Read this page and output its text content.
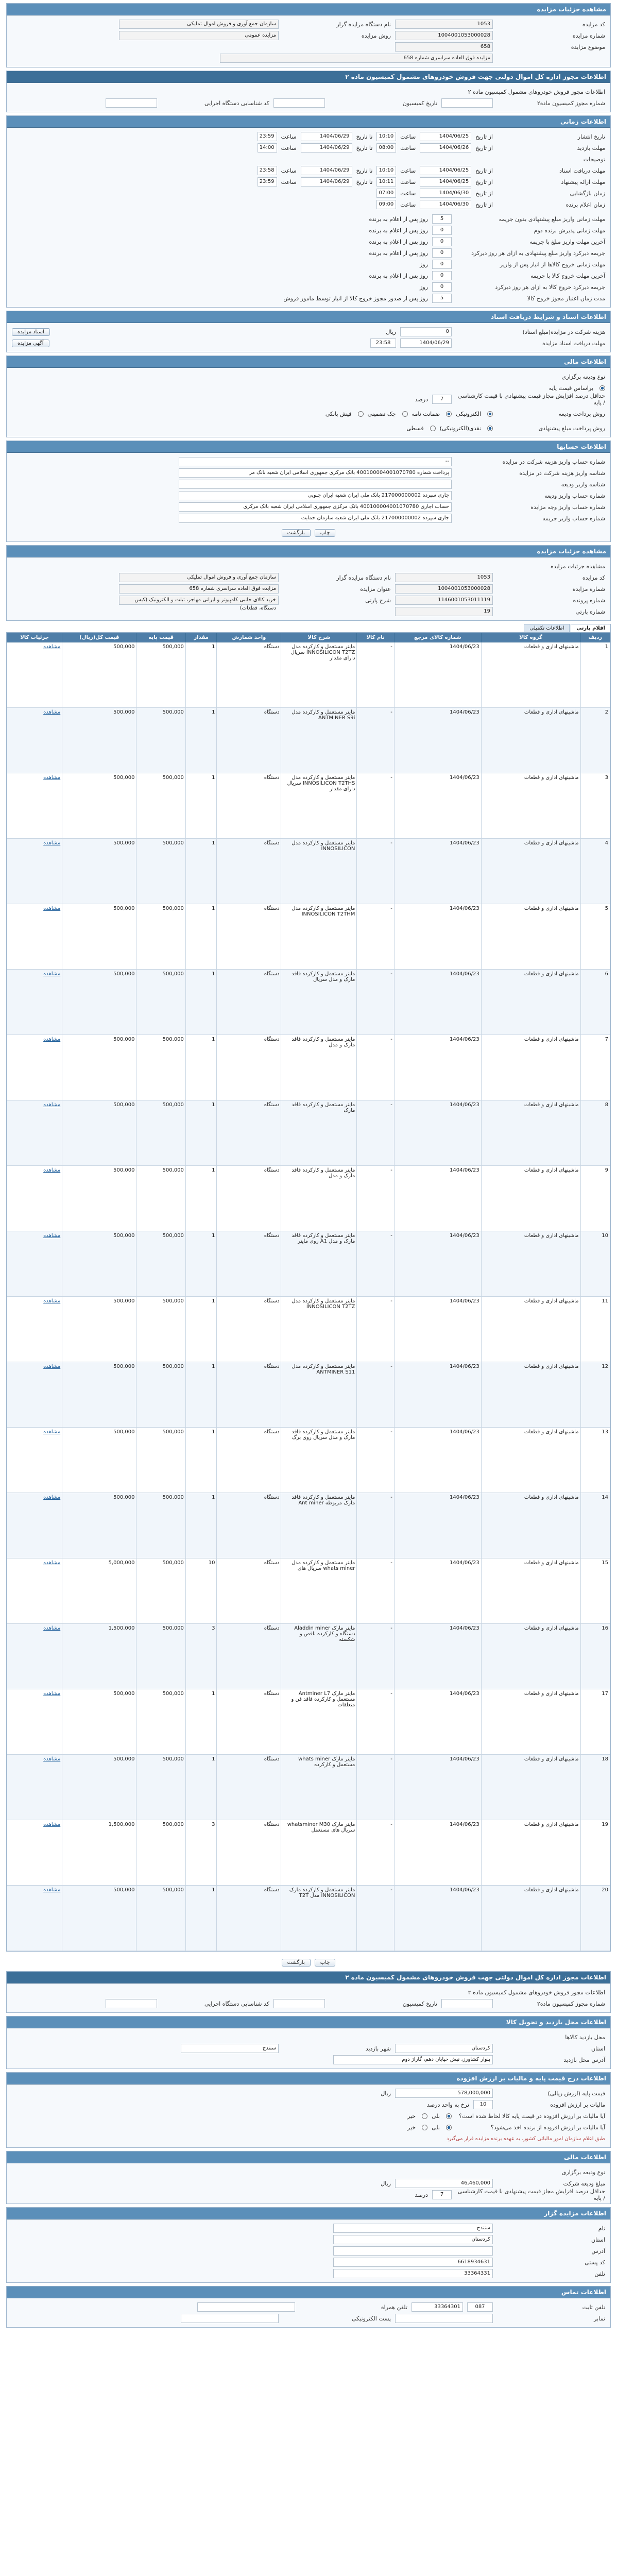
مشاهده جزئیات مزایده
کد مزایده
1053
نام دستگاه مزایده گزار
سازمان جمع آوری و فروش اموال تملیکی
شماره مزایده
1004001053000028
روش مزایده
مزایده عمومی
موضوع مزایده
658
مزایده فوق العاده سراسری شماره 658
اطلاعات مجوز اداره کل اموال دولتی جهت فروش خودروهای مشمول کمیسیون ماده ۲
اطلاعات مجوز فروش خودروهای مشمول کمیسیون ماده ۲
شماره مجوز کمیسیون ماده۲
تاریخ کمیسیون
کد شناسایی دستگاه اجرایی
اطلاعات زمانی
تاریخ انتشار
از تاریخ
1404/06/25
ساعت
10:10
تا تاریخ
1404/06/29
ساعت
23:59
مهلت بازدید
از تاریخ
1404/06/26
ساعت
08:00
تا تاریخ
1404/06/29
ساعت
14:00
توضیحات
مهلت دریافت اسناد
از تاریخ
1404/06/25
ساعت
10:10
تا تاریخ
1404/06/29
ساعت
23:58
مهلت ارائه پیشنهاد
از تاریخ
1404/06/25
ساعت
10:11
تا تاریخ
1404/06/29
ساعت
23:59
زمان بازگشایی
از تاریخ
1404/06/30
ساعت
07:00
زمان اعلام برنده
از تاریخ
1404/06/30
ساعت
09:00
مهلت زمانی واریز مبلغ پیشنهادی بدون جریمه
5
روز پس از اعلام به برنده
مهلت زمانی پذیرش برنده دوم
0
روز پس از اعلام به برنده
آخرین مهلت واریز مبلغ با جریمه
0
روز پس از اعلام به برنده
جریمه دیرکرد واریز مبلغ پیشنهادی به ازای هر روز دیرکرد
0
روز پس از اعلام به برنده
مهلت زمانی خروج کالاها از انبار پس از واریز
0
روز
آخرین مهلت خروج کالا با جریمه
0
روز پس از اعلام به برنده
جریمه دیرکرد خروج کالا به ازای هر روز دیرکرد
0
روز
مدت زمان اعتبار مجوز خروج کالا
5
روز پس از صدور مجوز خروج کالا از انبار توسط مامور فروش
اطلاعات اسناد و شرایط دریافت اسناد
هزینه شرکت در مزایده(مبلغ اسناد)
0
ریال
اسناد مزایده
مهلت دریافت اسناد مزایده
1404/06/29
23:58
آگهی مزایده
اطلاعات مالی
نوع ودیعه برگزاری
براساس قیمت پایه
حداقل درصد افزایش مجاز قیمت پیشنهادی با قیمت کارشناسی / پایه
7
درصد
روش پرداخت ودیعه
الکترونیکی
ضمانت نامه
چک تضمینی
فیش بانکی
روش پرداخت مبلغ پیشنهادی
نقدی(الکترونیکی)
قسطی
اطلاعات حسابها
شماره حساب واریز هزینه شرکت در مزایده
--
شناسه واریز هزینه شرکت در مزایده
پرداخت شماره 400100004001070780 بانک مرکزی جمهوری اسلامی ایران شعبه بانک مر
شناسه واریز ودیعه
شماره حساب واریز ودیعه
جاری سپرده 217000000002 بانک ملی ایران شعبه ایران جنوبی
شماره حساب واریز وجه مزایده
حساب اجاری 400100004001070780 بانک مرکزی جمهوری اسلامی ایران شعبه بانک مرکزی
شماره حساب واریز جریمه
جاری سپرده 217000000002 بانک ملی ایران شعبه سازمان حمایت
چاپ
بازگشت
مشاهده جزئیات مزایده
مشاهده جزئیات مزایده
کد مزایده
1053
نام دستگاه مزایده گزار
سازمان جمع آوری و فروش اموال تملیکی
شماره مزایده
1004001053000028
عنوان مزایده
مزایده فوق العاده سراسری شماره 658
شماره پرونده
1146001053011119
شرح پارتی
خرید کالای جانبی کامپیوتر و ایرانی مهاجر، تبلت و الکترونیک (کیس دستگاه، قطعات)	شماره پارتی
19
اقلام پارتی
اطلاعات تکمیلی
ردیف	گروه کالا	شماره کالای مرجع	نام کالا	شرح کالا	واحد شمارش	مقدار	قیمت پایه	قیمت کل(ریال)	جزئیات کالا
1	ماشینهای اداری و قطعات	1404/06/23	-	ماینر مستعمل و کارکرده مدل INNOSILICON T2TZ سریال دارای مقدار	دستگاه	1	500,000	500,000	مشاهده
2	ماشینهای اداری و قطعات	1404/06/23	-	ماینر مستعمل و کارکرده مدل ANTMINER S9i	دستگاه	1	500,000	500,000	مشاهده
3	ماشینهای اداری و قطعات	1404/06/23	-	ماینر مستعمل و کارکرده مدل INNOSILICON T2THS سریال دارای مقدار	دستگاه	1	500,000	500,000	مشاهده
4	ماشینهای اداری و قطعات	1404/06/23	-	ماینر مستعمل و کارکرده مدل INNOSILICON	دستگاه	1	500,000	500,000	مشاهده
5	ماشینهای اداری و قطعات	1404/06/23	-	ماینر مستعمل و کارکرده مدل INNOSILICON T2THM	دستگاه	1	500,000	500,000	مشاهده
6	ماشینهای اداری و قطعات	1404/06/23	-	ماینر مستعمل و کارکرده فاقد مارک و مدل سریال	دستگاه	1	500,000	500,000	مشاهده
7	ماشینهای اداری و قطعات	1404/06/23	-	ماینر مستعمل و کارکرده فاقد مارک و مدل	دستگاه	1	500,000	500,000	مشاهده
8	ماشینهای اداری و قطعات	1404/06/23	-	ماینر مستعمل و کارکرده فاقد مارک	دستگاه	1	500,000	500,000	مشاهده
9	ماشینهای اداری و قطعات	1404/06/23	-	ماینر مستعمل و کارکرده فاقد مارک و مدل	دستگاه	1	500,000	500,000	مشاهده
10	ماشینهای اداری و قطعات	1404/06/23	-	ماینر مستعمل و کارکرده فاقد مارک و مدل A1 روی ماینر	دستگاه	1	500,000	500,000	مشاهده
11	ماشینهای اداری و قطعات	1404/06/23	-	ماینر مستعمل و کارکرده مدل INNOSILICON T2TZ	دستگاه	1	500,000	500,000	مشاهده
12	ماشینهای اداری و قطعات	1404/06/23	-	ماینر مستعمل و کارکرده مدل ANTMINER S11	دستگاه	1	500,000	500,000	مشاهده
13	ماشینهای اداری و قطعات	1404/06/23	-	ماینر مستعمل و کارکرده فاقد مارک و مدل سریال روی برگ	دستگاه	1	500,000	500,000	مشاهده
14	ماشینهای اداری و قطعات	1404/06/23	-	ماینر مستعمل و کارکرده فاقد مارک مربوطه Ant miner	دستگاه	1	500,000	500,000	مشاهده
15	ماشینهای اداری و قطعات	1404/06/23	-	ماینر مستعمل و کارکرده مدل whats miner سریال های	دستگاه	10	500,000	5,000,000	مشاهده
16	ماشینهای اداری و قطعات	1404/06/23	-	ماینر مارک Aladdin miner دستگاه و کارکرده ناقص و شکسته	دستگاه	3	500,000	1,500,000	مشاهده
17	ماشینهای اداری و قطعات	1404/06/23	-	ماینر مارک Antminer L7 مستعمل و کارکرده فاقد فن و متعلقات	دستگاه	1	500,000	500,000	مشاهده
18	ماشینهای اداری و قطعات	1404/06/23	-	ماینر مارک whats miner مستعمل و کارکرده	دستگاه	1	500,000	500,000	مشاهده
19	ماشینهای اداری و قطعات	1404/06/23	-	ماینر مارک whatsminer M30 سریال های مستعمل	دستگاه	3	500,000	1,500,000	مشاهده
20	ماشینهای اداری و قطعات	1404/06/23	-	ماینر مستعمل و کارکرده مارک INNOSILICON مدل T2T	دستگاه	1	500,000	500,000	مشاهده
چاپ
بازگشت
اطلاعات مجوز اداره کل اموال دولتی جهت فروش خودروهای مشمول کمیسیون ماده ۲
اطلاعات مجوز فروش خودروهای مشمول کمیسیون ماده ۲
شماره مجوز کمیسیون ماده۲
تاریخ کمیسیون
کد شناسایی دستگاه اجرایی
اطلاعات محل بازدید و تحویل کالا
محل بازدید کالاها
استان
کردستان
شهر بازدید
سنندج
آدرس محل بازدید
بلوار کشاورز، نبش خیابان دهم، گاراژ دوم
اطلاعات درج قیمت پایه و مالیات بر ارزش افزوده
قیمت پایه (ارزش ریالی)
578,000,000
ریال
مالیات بر ارزش افزوده
10
نرخ به واحد درصد
آیا مالیات بر ارزش افزوده در قیمت پایه کالا لحاظ شده است؟
بلی
خیر
آیا مالیات بر ارزش افزوده از برنده اخذ می‌شود؟
بلی
خیر
طبق اعلام سازمان امور مالیاتی کشور، به عهده برنده مزایده قرار می‌گیرد
اطلاعات مالی
نوع ودیعه برگزاری
مبلغ ودیعه شرکت
46,460,000
ریال
حداقل درصد افزایش مجاز قیمت پیشنهادی با قیمت کارشناسی / پایه
7
درصد
اطلاعات مزایده گزار
نام
سنندج
استان
کردستان
آدرس
کد پستی
6618934631
تلفن
33364331
اطلاعات تماس
تلفن ثابت
087
33364301
تلفن همراه
نمابر
پست الکترونیکی
